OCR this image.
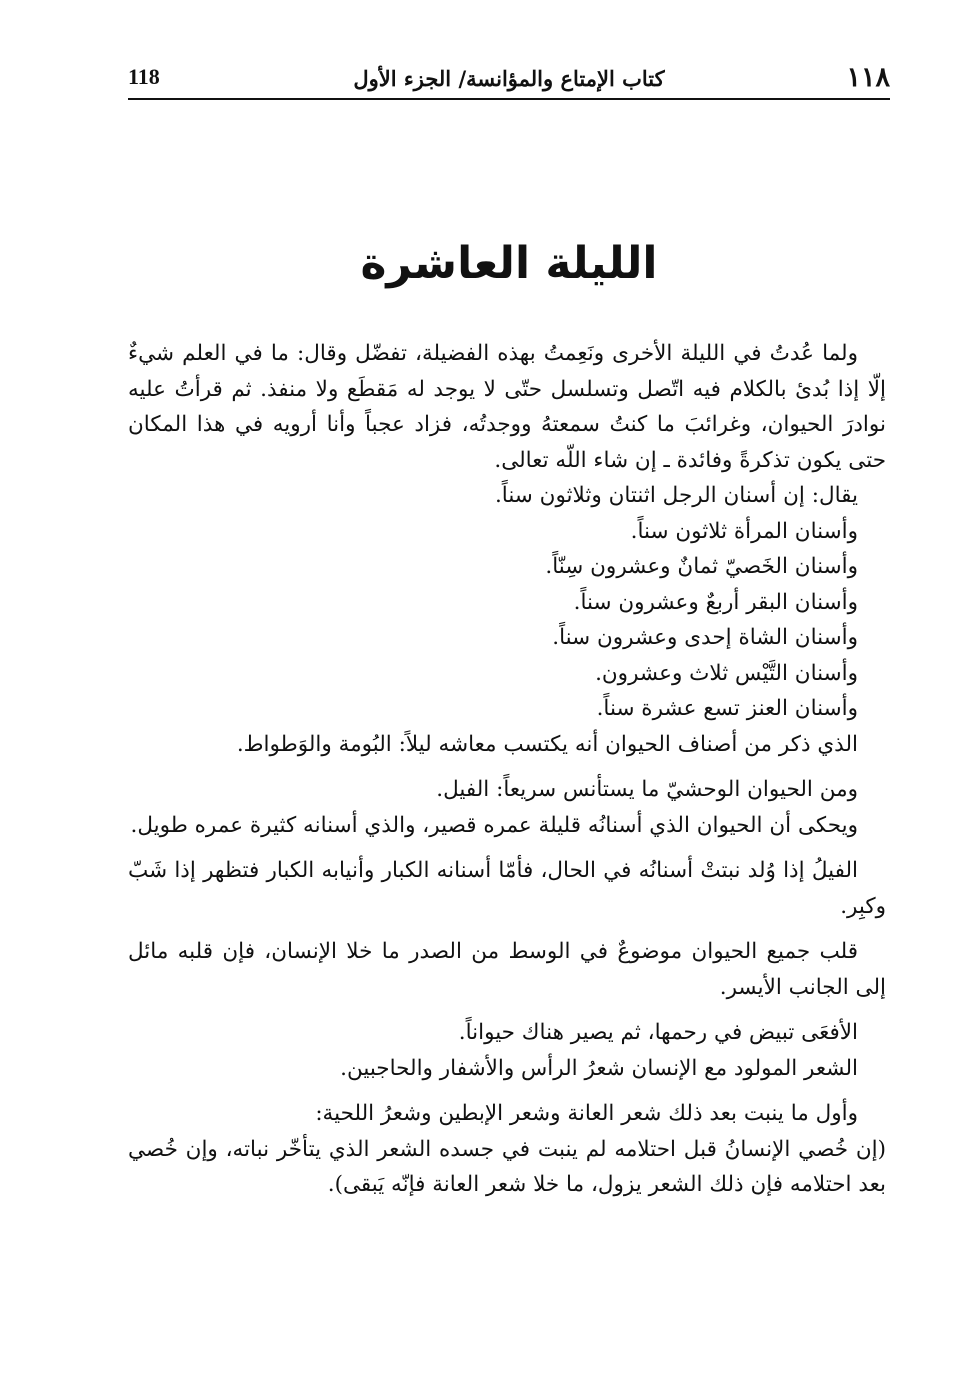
١١٨
كتاب الإمتاع والمؤانسة/ الجزء الأول
118
الليلة العاشرة

ولما عُدتُ في الليلة الأخرى ونَعِمتُ بهذه الفضيلة، تفضّل وقال: ما في العلم شيءٌ إلّا إذا بُدئ بالكلام فيه اتّصل وتسلسل حتّى لا يوجد له مَقطَع ولا منفذ. ثم قرأتُ عليه نوادرَ الحيوان، وغرائبَ ما كنتُ سمعتهُ ووجدتُه، فزاد عجباً وأنا أرويه في هذا المكان حتى يكون تذكرةً وفائدة ـ إن شاء اللّه تعالى.

يقال: إن أسنان الرجل اثنتان وثلاثون سناً.

وأسنان المرأة ثلاثون سناً.

وأسنان الخَصيّ ثمانٌ وعشرون سِنّاً.

وأسنان البقر أربعٌ وعشرون سناً.

وأسنان الشاة إحدى وعشرون سناً.

وأسنان التَّيْس ثلاث وعشرون.

وأسنان العنز تسع عشرة سناً.

الذي ذكر من أصناف الحيوان أنه يكتسب معاشه ليلاً: البُومة والوَطواط.

ومن الحيوان الوحشيّ ما يستأنس سريعاً: الفيل.

ويحكى أن الحيوان الذي أسنانُه قليلة عمره قصير، والذي أسنانه كثيرة عمره طويل.

الفيلُ إذا وُلد نبتتْ أسنانُه في الحال، فأمّا أسنانه الكبار وأنيابه الكبار فتظهر إذا شَبّ وكبِر.

قلب جميع الحيوان موضوعٌ في الوسط من الصدر ما خلا الإنسان، فإن قلبه مائل إلى الجانب الأيسر.

الأفعَى تبيض في رحمها، ثم يصير هناك حيواناً.

الشعر المولود مع الإنسان شعرُ الرأس والأشفار والحاجبين.

وأول ما ينبت بعد ذلك شعر العانة وشعر الإبطين وشعرُ اللحية:

(إن خُصي الإنسانُ قبل احتلامه لم ينبت في جسده الشعر الذي يتأخّر نباته، وإن خُصي بعد احتلامه فإن ذلك الشعر يزول، ما خلا شعر العانة فإنّه يَبقى).
